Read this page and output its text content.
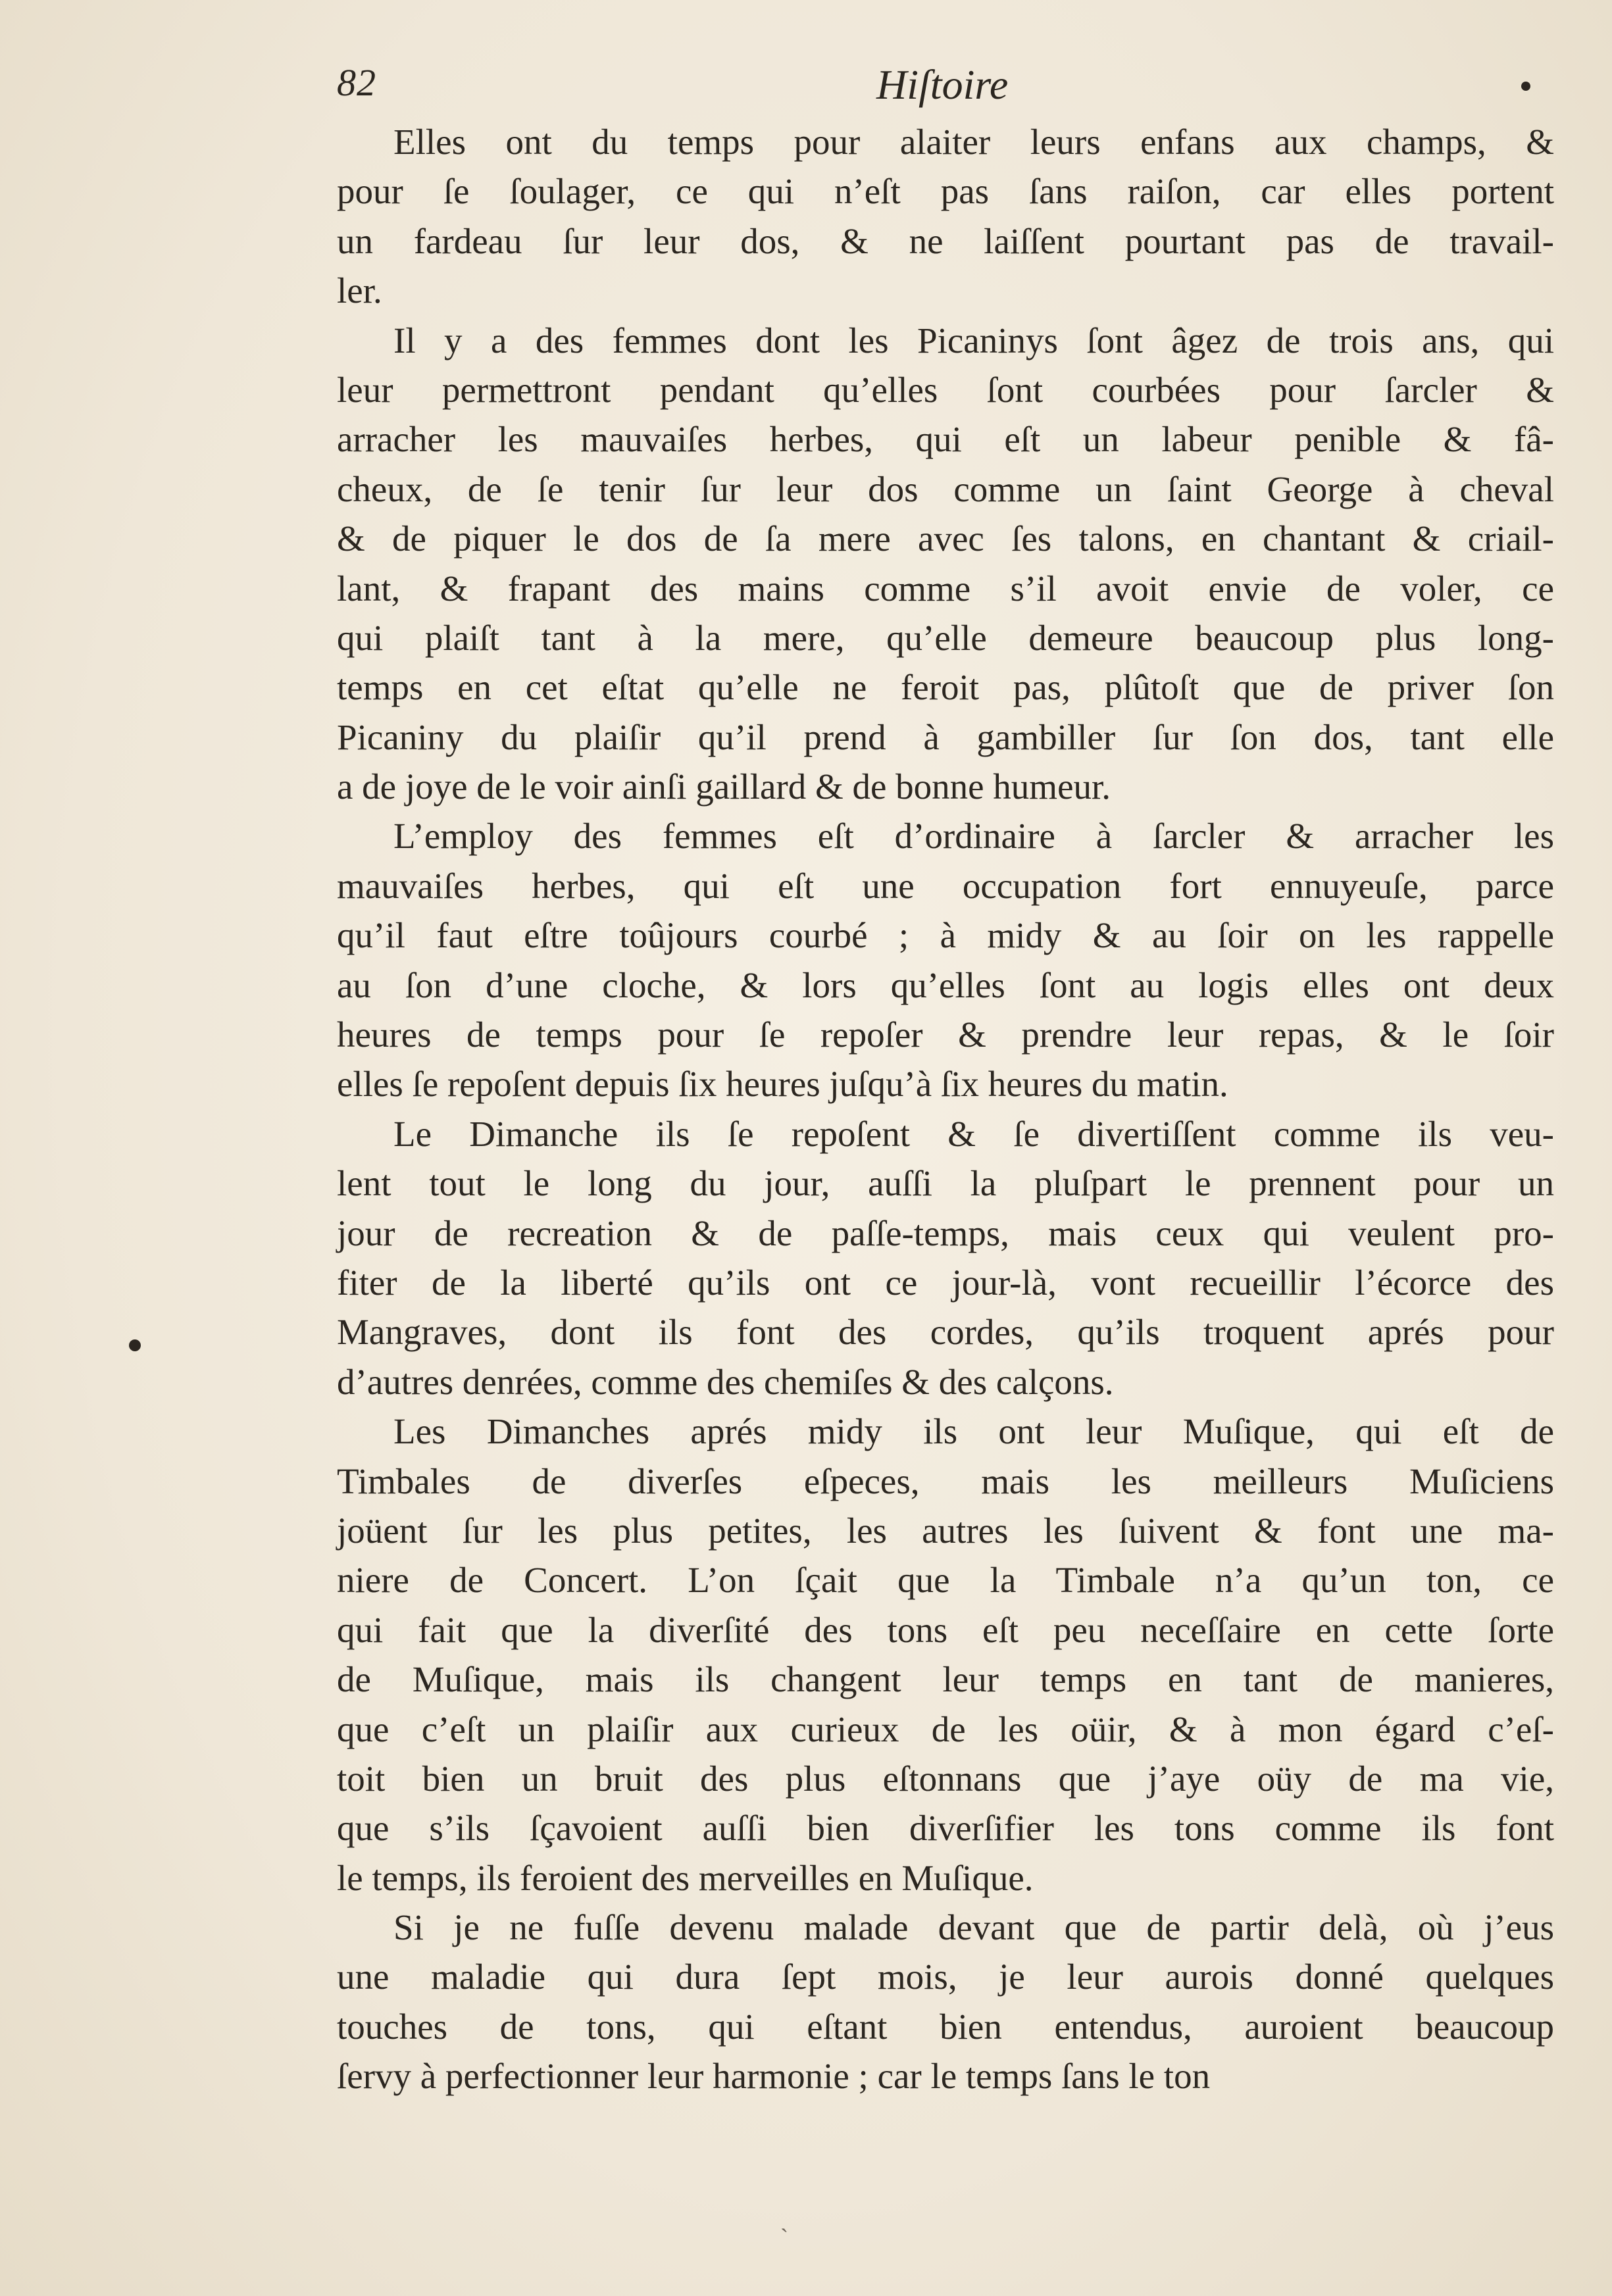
82	Hiſtoire
Elles ont du temps pour alaiter leurs enfans aux champs, &
pour ſe ſoulager, ce qui n’eſt pas ſans raiſon, car elles portent
un fardeau ſur leur dos, & ne laiſſent pourtant pas de travail-
ler.
Il y a des femmes dont les Picaninys ſont âgez de trois ans, qui
leur permettront pendant qu’elles ſont courbées pour ſarcler &
arracher les mauvaiſes herbes, qui eſt un labeur penible & fâ-
cheux, de ſe tenir ſur leur dos comme un ſaint George à cheval
& de piquer le dos de ſa mere avec ſes talons, en chantant & criail-
lant, & frapant des mains comme s’il avoit envie de voler, ce
qui plaiſt tant à la mere, qu’elle demeure beaucoup plus long-
temps en cet eſtat qu’elle ne feroit pas, plûtoſt que de priver ſon
Picaniny du plaiſir qu’il prend à gambiller ſur ſon dos, tant elle
a de joye de le voir ainſi gaillard & de bonne humeur.
L’employ des femmes eſt d’ordinaire à ſarcler & arracher les
mauvaiſes herbes, qui eſt une occupation fort ennuyeuſe, parce
qu’il faut eſtre toûjours courbé ; à midy & au ſoir on les rappelle
au ſon d’une cloche, & lors qu’elles ſont au logis elles ont deux
heures de temps pour ſe repoſer & prendre leur repas, & le ſoir
elles ſe repoſent depuis ſix heures juſqu’à ſix heures du matin.
Le Dimanche ils ſe repoſent & ſe divertiſſent comme ils veu-
lent tout le long du jour, auſſi la pluſpart le prennent pour un
jour de recreation & de paſſe-temps, mais ceux qui veulent pro-
fiter de la liberté qu’ils ont ce jour-là, vont recueillir l’écorce des
Mangraves, dont ils font des cordes, qu’ils troquent aprés pour
d’autres denrées, comme des chemiſes & des calçons.
Les Dimanches aprés midy ils ont leur Muſique, qui eſt de
Timbales de diverſes eſpeces, mais les meilleurs Muſiciens
joüent ſur les plus petites, les autres les ſuivent & font une ma-
niere de Concert. L’on ſçait que la Timbale n’a qu’un ton, ce
qui fait que la diverſité des tons eſt peu neceſſaire en cette ſorte
de Muſique, mais ils changent leur temps en tant de manieres,
que c’eſt un plaiſir aux curieux de les oüir, & à mon égard c’eſ-
toit bien un bruit des plus eſtonnans que j’aye oüy de ma vie,
que s’ils ſçavoient auſſi bien diverſifier les tons comme ils font
le temps, ils feroient des merveilles en Muſique.
Si je ne fuſſe devenu malade devant que de partir delà, où j’eus
une maladie qui dura ſept mois, je leur aurois donné quelques
touches de tons, qui eſtant bien entendus, auroient beaucoup
ſervy à perfectionner leur harmonie ; car le temps ſans le ton
ˎ
